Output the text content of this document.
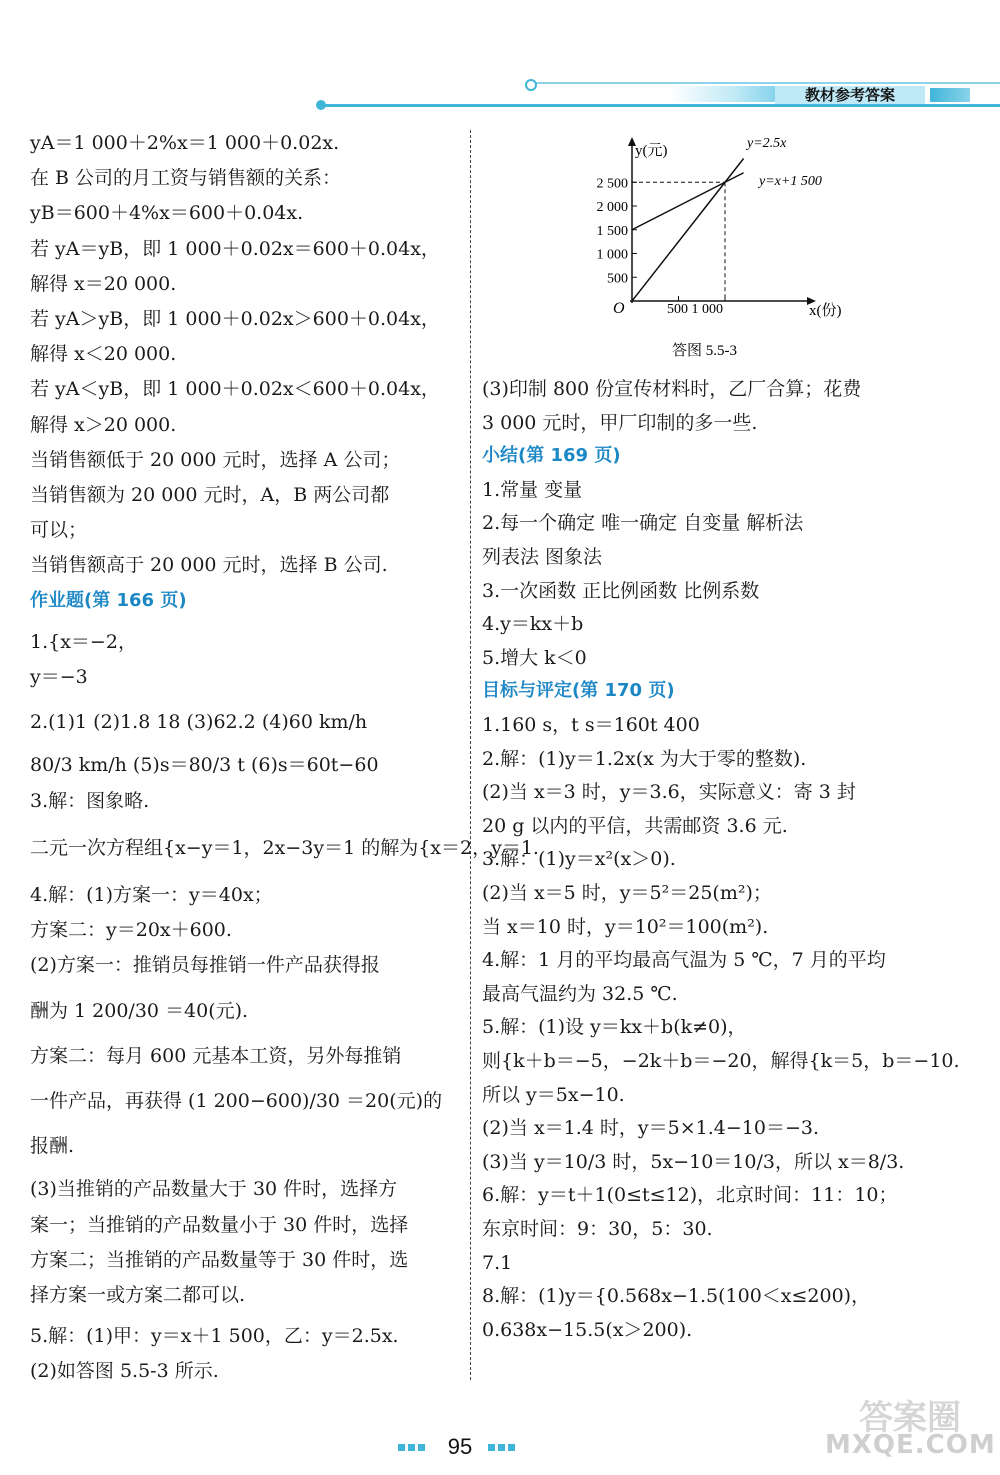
教材参考答案
yA＝1 000＋2%x＝1 000＋0.02x.
在 B 公司的月工资与销售额的关系：
yB＝600＋4%x＝600＋0.04x.
若 yA＝yB，即 1 000＋0.02x＝600＋0.04x，
解得 x＝20 000.
若 yA＞yB，即 1 000＋0.02x＞600＋0.04x，
解得 x＜20 000.
若 yA＜yB，即 1 000＋0.02x＜600＋0.04x，
解得 x＞20 000.
当销售额低于 20 000 元时，选择 A 公司；
当销售额为 20 000 元时，A，B 两公司都
可以；
当销售额高于 20 000 元时，选择 B 公司.
作业题(第 166 页)
1.{x＝−2，
y＝−3
2.(1)1 (2)1.8 18 (3)62.2 (4)60 km/h
80/3 km/h (5)s＝80/3 t (6)s＝60t−60
3.解：图象略.
二元一次方程组{x−y＝1，2x−3y＝1 的解为{x＝2，y＝1.
4.解：(1)方案一：y＝40x；
方案二：y＝20x＋600.
(2)方案一：推销员每推销一件产品获得报
酬为 1 200/30 ＝40(元).
方案二：每月 600 元基本工资，另外每推销
一件产品，再获得 (1 200−600)/30 ＝20(元)的
报酬.
(3)当推销的产品数量大于 30 件时，选择方
案一；当推销的产品数量小于 30 件时，选择
方案二；当推销的产品数量等于 30 件时，选
择方案一或方案二都可以.
5.解：(1)甲：y＝x＋1 500，乙：y＝2.5x.
(2)如答图 5.5-3 所示.
y(元)	y=2.5x
y=x+1 500
O	500 1 000	x(份)
答图 5.5-3
500
1 000
1 500
2 000
2 500
(3)印制 800 份宣传材料时，乙厂合算；花费
3 000 元时，甲厂印制的多一些.
小结(第 169 页)
1.常量 变量
2.每一个确定 唯一确定 自变量 解析法
列表法 图象法
3.一次函数 正比例函数 比例系数
4.y＝kx＋b
5.增大 k＜0
目标与评定(第 170 页)
1.160 s，t s＝160t 400
2.解：(1)y＝1.2x(x 为大于零的整数).
(2)当 x＝3 时，y＝3.6，实际意义：寄 3 封
20 g 以内的平信，共需邮资 3.6 元.
3.解：(1)y＝x²(x＞0).
(2)当 x＝5 时，y＝5²＝25(m²)；
当 x＝10 时，y＝10²＝100(m²).
4.解：1 月的平均最高气温为 5 ℃，7 月的平均
最高气温约为 32.5 ℃.
5.解：(1)设 y＝kx＋b(k≠0)，
则{k＋b＝−5，−2k＋b＝−20，解得{k＝5，b＝−10.
所以 y＝5x−10.
(2)当 x＝1.4 时，y＝5×1.4−10＝−3.
(3)当 y＝10/3 时，5x−10＝10/3，所以 x＝8/3.
6.解：y＝t＋1(0≤t≤12)，北京时间：11：10；
东京时间：9：30，5：30.
7.1
8.解：(1)y＝{0.568x−1.5(100＜x≤200)，
0.638x−15.5(x＞200).
95
答案圈
MXQE.COM
